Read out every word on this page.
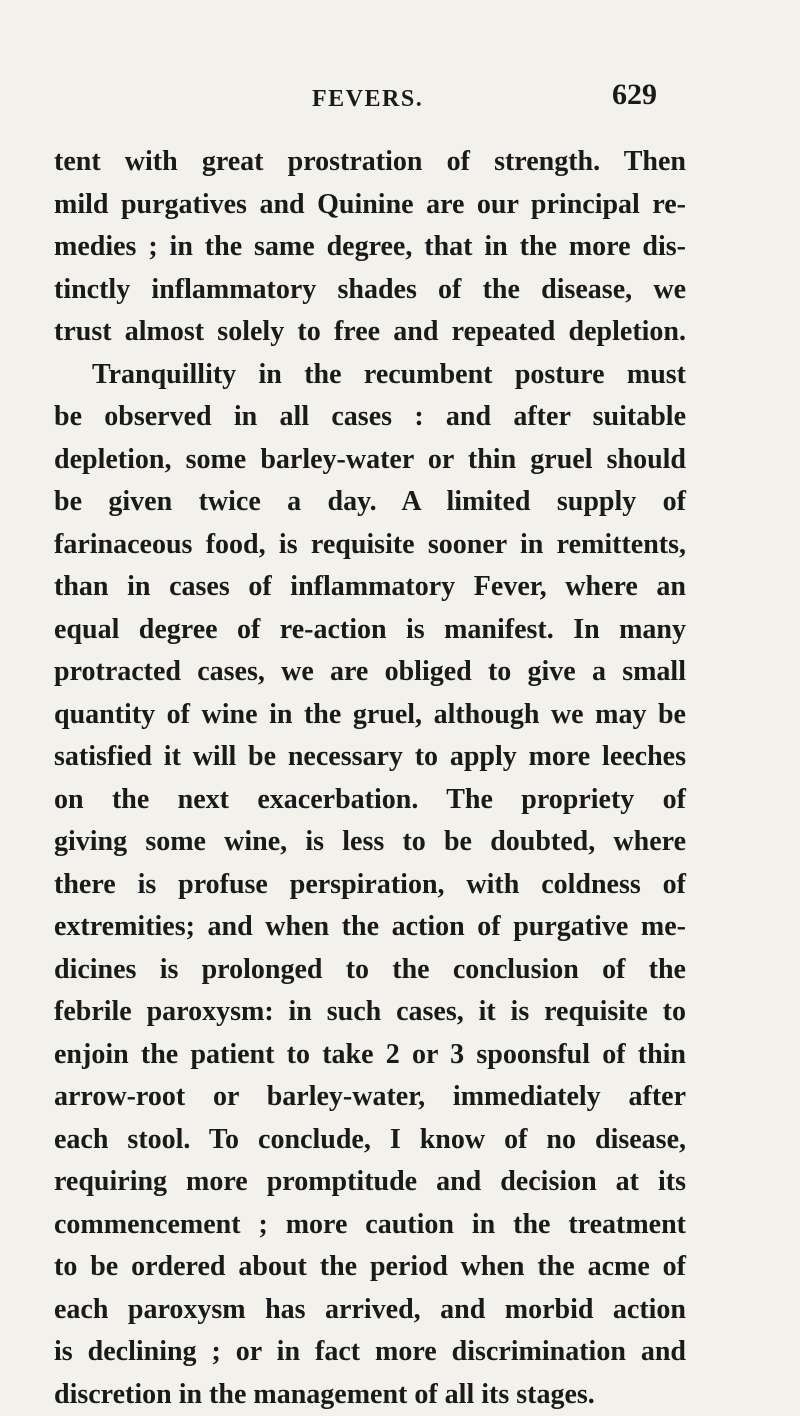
FEVERS.	629
tent with great prostration of strength. Then
mild purgatives and Quinine are our principal re-
medies ; in the same degree, that in the more dis-
tinctly inflammatory shades of the disease, we
trust almost solely to free and repeated depletion.
Tranquillity in the recumbent posture must
be observed in all cases : and after suitable
depletion, some barley-water or thin gruel should
be given twice a day. A limited supply of
farinaceous food, is requisite sooner in remittents,
than in cases of inflammatory Fever, where an
equal degree of re-action is manifest. In many
protracted cases, we are obliged to give a small
quantity of wine in the gruel, although we may be
satisfied it will be necessary to apply more leeches
on the next exacerbation. The propriety of
giving some wine, is less to be doubted, where
there is profuse perspiration, with coldness of
extremities; and when the action of purgative me-
dicines is prolonged to the conclusion of the
febrile paroxysm: in such cases, it is requisite to
enjoin the patient to take 2 or 3 spoonsful of thin
arrow-root or barley-water, immediately after
each stool. To conclude, I know of no disease,
requiring more promptitude and decision at its
commencement ; more caution in the treatment
to be ordered about the period when the acme of
each paroxysm has arrived, and morbid action
is declining ; or in fact more discrimination and
discretion in the management of all its stages.
